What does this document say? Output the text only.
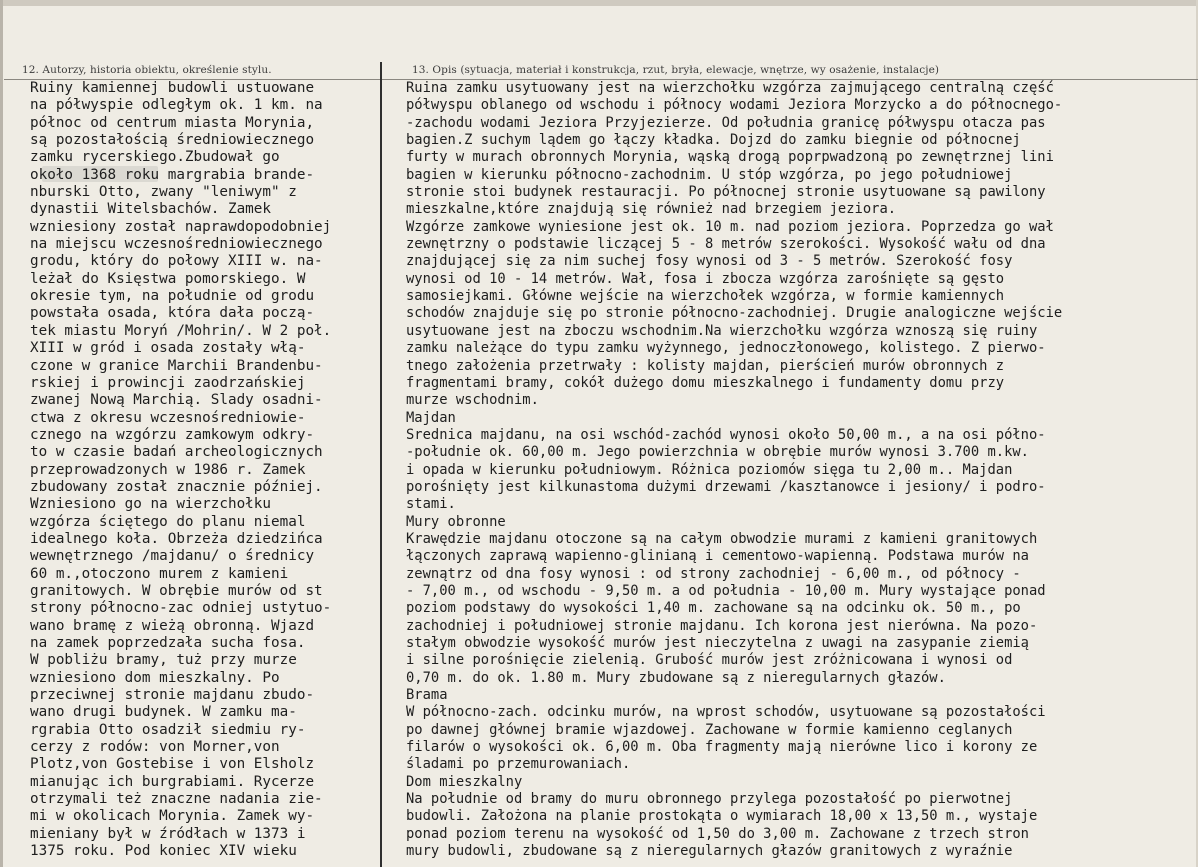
12. Autorzy, historia obiektu, określenie stylu.	13. Opis (sytuacja, materiał i konstrukcja, rzut, bryła, elewacje, wnętrze, wy osażenie, instalacje)
Ruiny kamiennej budowli ustuowane
na półwyspie odległym ok. 1 km. na
północ od centrum miasta Morynia,
są pozostałością średniowiecznego
zamku rycerskiego.Zbudował go
około 1368 roku margrabia brande-
nburski Otto, zwany "leniwym" z
dynastii Witelsbachów. Zamek
wzniesiony został naprawdopodobniej
na miejscu wczesnośredniowiecznego
grodu, który do połowy XIII w. na-
leżał do Księstwa pomorskiego. W
okresie tym, na południe od grodu
powstała osada, która dała począ-
tek miastu Moryń /Mohrin/. W 2 poł.
XIII w gród i osada zostały włą-
czone w granice Marchii Brandenbu-
rskiej i prowincji zaodrzańskiej
zwanej Nową Marchią. Slady osadni-
ctwa z okresu wczesnośredniowie-
cznego na wzgórzu zamkowym odkry-
to w czasie badań archeologicznych
przeprowadzonych w 1986 r. Zamek
zbudowany został znacznie później.
Wzniesiono go na wierzchołku
wzgórza ściętego do planu niemal
idealnego koła. Obrzeża dziedzińca
wewnętrznego /majdanu/ o średnicy
60 m.,otoczono murem z kamieni
granitowych. W obrębie murów od st
strony północno-zac odniej ustytuo-
wano bramę z wieżą obronną. Wjazd
na zamek poprzedzała sucha fosa.
W pobliżu bramy, tuż przy murze
wzniesiono dom mieszkalny. Po
przeciwnej stronie majdanu zbudo-
wano drugi budynek. W zamku ma-
rgrabia Otto osadził siedmiu ry-
cerzy z rodów: von Morner,von
Plotz,von Gostebise i von Elsholz
mianując ich burgrabiami. Rycerze
otrzymali też znaczne nadania zie-
mi w okolicach Morynia. Zamek wy-
mieniany był w źródłach w 1373 i
1375 roku. Pod koniec XIV wieku
Ruina zamku usytuowany jest na wierzchołku wzgórza zajmującego centralną część
półwyspu oblanego od wschodu i północy wodami Jeziora Morzycko a do północnego-
-zachodu wodami Jeziora Przyjezierze. Od południa granicę półwyspu otacza pas
bagien.Z suchym lądem go łączy kładka. Dojzd do zamku biegnie od północnej
furty w murach obronnych Morynia, wąską drogą poprpwadzoną po zewnętrznej lini
bagien w kierunku północno-zachodnim. U stóp wzgórza, po jego południowej
stronie stoi budynek restauracji. Po północnej stronie usytuowane są pawilony
mieszkalne,które znajdują się również nad brzegiem jeziora.
Wzgórze zamkowe wyniesione jest ok. 10 m. nad poziom jeziora. Poprzedza go wał
zewnętrzny o podstawie liczącej 5 - 8 metrów szerokości. Wysokość wału od dna
znajdującej się za nim suchej fosy wynosi od 3 - 5 metrów. Szerokość fosy
wynosi od 10 - 14 metrów. Wał, fosa i zbocza wzgórza zarośnięte są gęsto
samosiejkami. Główne wejście na wierzchołek wzgórza, w formie kamiennych
schodów znajduje się po stronie północno-zachodniej. Drugie analogiczne wejście
usytuowane jest na zboczu wschodnim.Na wierzchołku wzgórza wznoszą się ruiny
zamku należące do typu zamku wyżynnego, jednoczłonowego, kolistego. Z pierwo-
tnego założenia przetrwały : kolisty majdan, pierścień murów obronnych z
fragmentami bramy, cokół dużego domu mieszkalnego i fundamenty domu przy
murze wschodnim.
Majdan
Srednica majdanu, na osi wschód-zachód wynosi około 50,00 m., a na osi półno-
-południe ok. 60,00 m. Jego powierzchnia w obrębie murów wynosi 3.700 m.kw.
i opada w kierunku południowym. Różnica poziomów sięga tu 2,00 m.. Majdan
porośnięty jest kilkunastoma dużymi drzewami /kasztanowce i jesiony/ i podro-
stami.
Mury obronne
Krawędzie majdanu otoczone są na całym obwodzie murami z kamieni granitowych
łączonych zaprawą wapienno-glinianą i cementowo-wapienną. Podstawa murów na
zewnątrz od dna fosy wynosi : od strony zachodniej - 6,00 m., od północy -
- 7,00 m., od wschodu - 9,50 m. a od południa - 10,00 m. Mury wystające ponad
poziom podstawy do wysokości 1,40 m. zachowane są na odcinku ok. 50 m., po
zachodniej i południowej stronie majdanu. Ich korona jest nierówna. Na pozo-
stałym obwodzie wysokość murów jest nieczytelna z uwagi na zasypanie ziemią
i silne porośnięcie zielenią. Grubość murów jest zróżnicowana i wynosi od
0,70 m. do ok. 1.80 m. Mury zbudowane są z nieregularnych głazów.
Brama
W północno-zach. odcinku murów, na wprost schodów, usytuowane są pozostałości
po dawnej głównej bramie wjazdowej. Zachowane w formie kamienno ceglanych
filarów o wysokości ok. 6,00 m. Oba fragmenty mają nierówne lico i korony ze
śladami po przemurowaniach.
Dom mieszkalny
Na południe od bramy do muru obronnego przylega pozostałość po pierwotnej
budowli. Założona na planie prostokąta o wymiarach 18,00 x 13,50 m., wystaje
ponad poziom terenu na wysokość od 1,50 do 3,00 m. Zachowane z trzech stron
mury budowli, zbudowane są z nieregularnych głazów granitowych z wyraźnie
